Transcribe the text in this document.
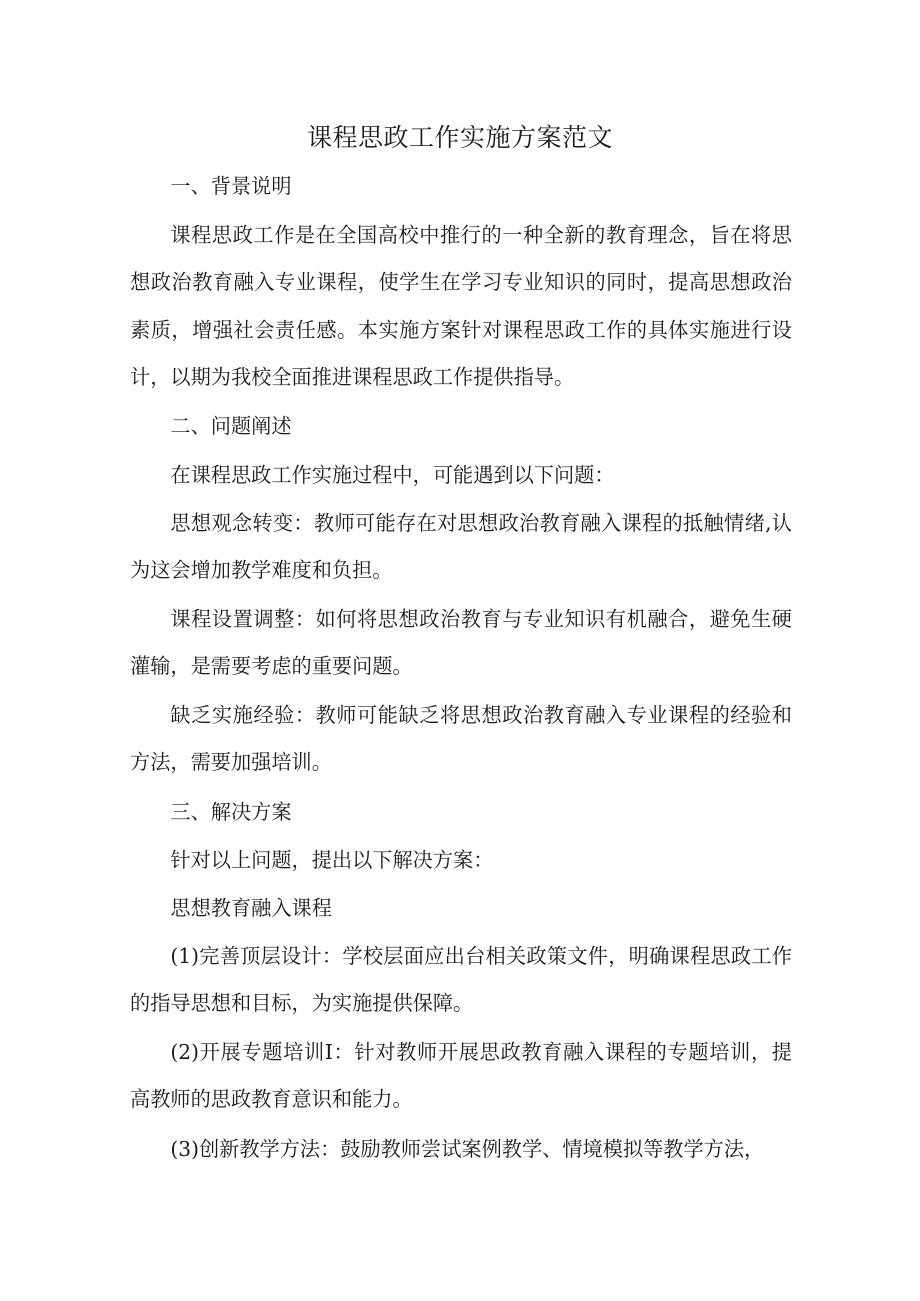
课程思政工作实施方案范文

一、背景说明

课程思政工作是在全国高校中推行的一种全新的教育理念，旨在将思想政治教育融入专业课程，使学生在学习专业知识的同时，提高思想政治素质，增强社会责任感。本实施方案针对课程思政工作的具体实施进行设计，以期为我校全面推进课程思政工作提供指导。

二、问题阐述

在课程思政工作实施过程中，可能遇到以下问题：

思想观念转变：教师可能存在对思想政治教育融入课程的抵触情绪,认为这会增加教学难度和负担。

课程设置调整：如何将思想政治教育与专业知识有机融合，避免生硬灌输，是需要考虑的重要问题。

缺乏实施经验：教师可能缺乏将思想政治教育融入专业课程的经验和方法，需要加强培训。

三、解决方案

针对以上问题，提出以下解决方案：

思想教育融入课程

(1)完善顶层设计：学校层面应出台相关政策文件，明确课程思政工作的指导思想和目标，为实施提供保障。

(2)开展专题培训I：针对教师开展思政教育融入课程的专题培训，提高教师的思政教育意识和能力。

(3)创新教学方法：鼓励教师尝试案例教学、情境模拟等教学方法，
